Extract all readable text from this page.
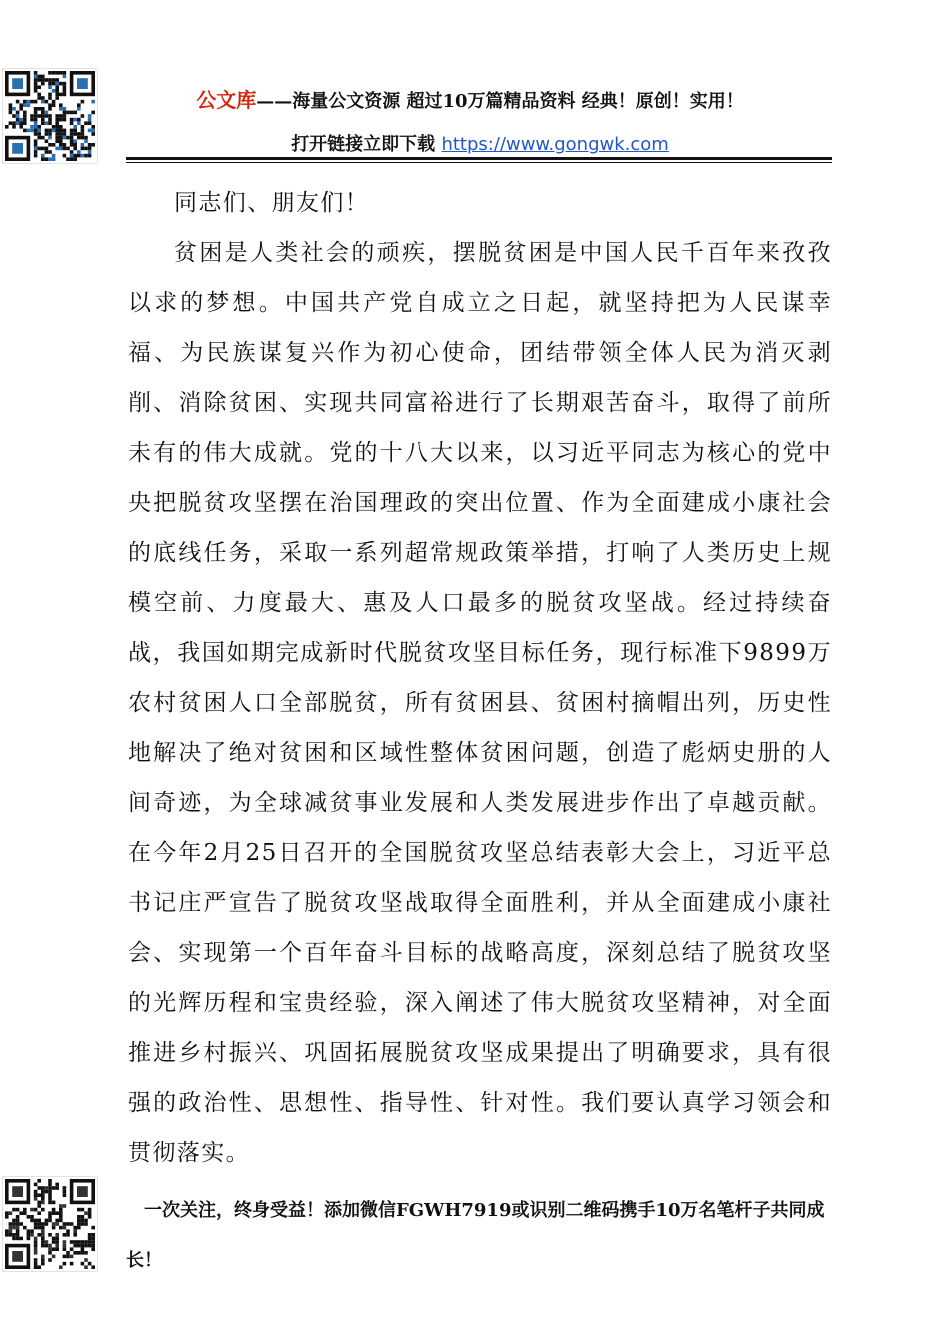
公文库——海量公文资源 超过10万篇精品资料 经典！原创！实用！
打开链接立即下载 https://www.gongwk.com

同志们、朋友们！

贫困是人类社会的顽疾，摆脱贫困是中国人民千百年来孜孜以求的梦想。中国共产党自成立之日起，就坚持把为人民谋幸福、为民族谋复兴作为初心使命，团结带领全体人民为消灭剥削、消除贫困、实现共同富裕进行了长期艰苦奋斗，取得了前所未有的伟大成就。党的十八大以来，以习近平同志为核心的党中央把脱贫攻坚摆在治国理政的突出位置、作为全面建成小康社会的底线任务，采取一系列超常规政策举措，打响了人类历史上规模空前、力度最大、惠及人口最多的脱贫攻坚战。经过持续奋战，我国如期完成新时代脱贫攻坚目标任务，现行标准下9899万农村贫困人口全部脱贫，所有贫困县、贫困村摘帽出列，历史性地解决了绝对贫困和区域性整体贫困问题，创造了彪炳史册的人间奇迹，为全球减贫事业发展和人类发展进步作出了卓越贡献。在今年2月25日召开的全国脱贫攻坚总结表彰大会上，习近平总书记庄严宣告了脱贫攻坚战取得全面胜利，并从全面建成小康社会、实现第一个百年奋斗目标的战略高度，深刻总结了脱贫攻坚的光辉历程和宝贵经验，深入阐述了伟大脱贫攻坚精神，对全面推进乡村振兴、巩固拓展脱贫攻坚成果提出了明确要求，具有很强的政治性、思想性、指导性、针对性。我们要认真学习领会和贯彻落实。

一次关注，终身受益！添加微信FGWH7919或识别二维码携手10万名笔杆子共同成长！
